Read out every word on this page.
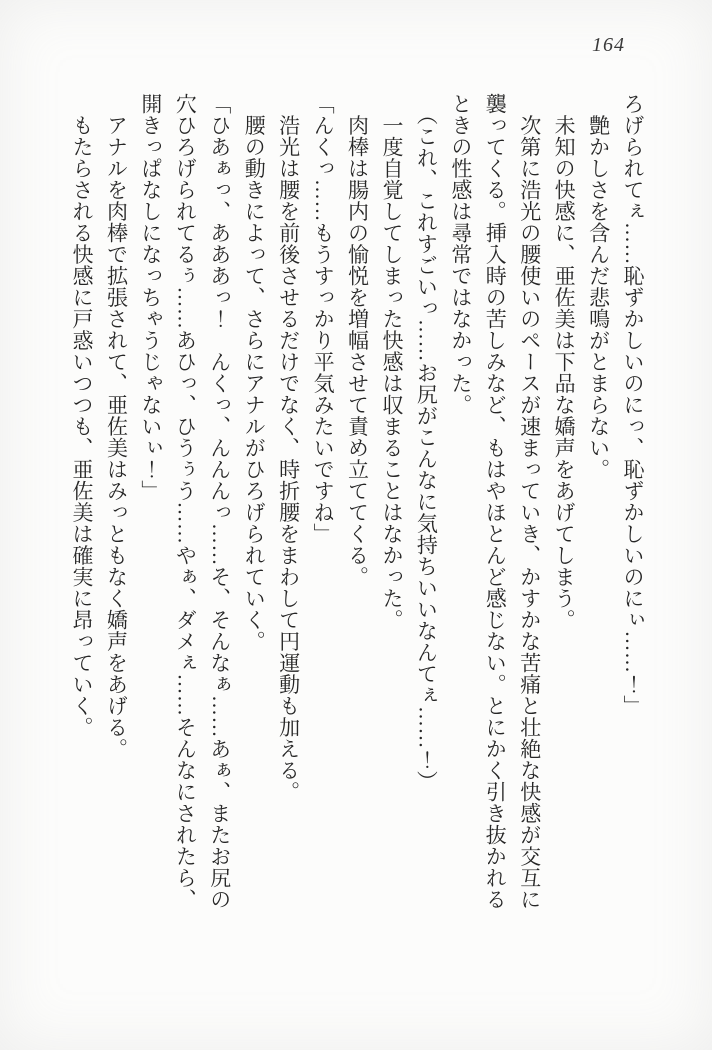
164

ろげられてぇ……恥ずかしいのにっ、恥ずかしいのにぃ……！」

　艶かしさを含んだ悲鳴がとまらない。

　未知の快感に、亜佐美は下品な嬌声をあげてしまう。

　次第に浩光の腰使いのペースが速まっていき、かすかな苦痛と壮絶な快感が交互に

襲ってくる。挿入時の苦しみなど、もはやほとんど感じない。とにかく引き抜かれる

ときの性感は尋常ではなかった。

　（これ、これすごいっ……お尻がこんなに気持ちいいなんてぇ……！）

　一度自覚してしまった快感は収まることはなかった。

　肉棒は腸内の愉悦を増幅させて責め立ててくる。

「んくっ……もうすっかり平気みたいですね」

　浩光は腰を前後させるだけでなく、時折腰をまわして円運動も加える。

　腰の動きによって、さらにアナルがひろげられていく。

「ひあぁっ、あああっ！　んくっ、んんんっ……そ、そんなぁ……あぁ、またお尻の

穴ひろげられてるぅ……あひっ、ひうぅう……やぁ、ダメぇ……そんなにされたら、

開きっぱなしになっちゃうじゃないぃ！」

　アナルを肉棒で拡張されて、亜佐美はみっともなく嬌声をあげる。

　もたらされる快感に戸惑いつつも、亜佐美は確実に昂っていく。
